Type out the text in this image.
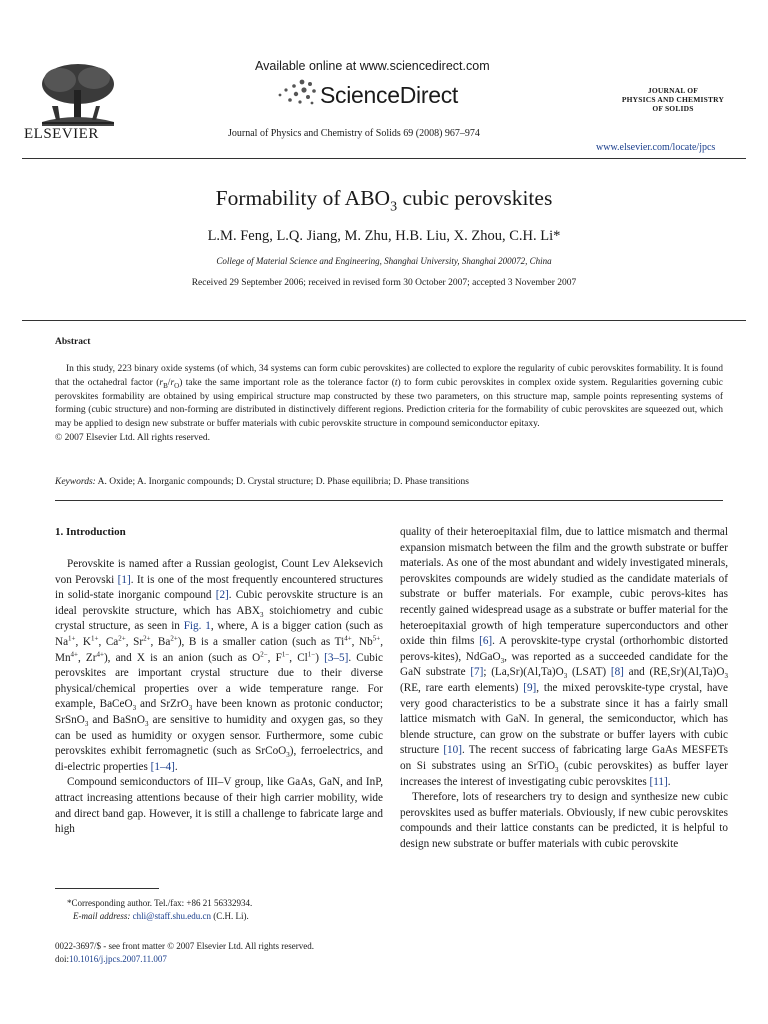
ELSEVIER
Available online at www.sciencedirect.com
ScienceDirect
Journal of Physics and Chemistry of Solids 69 (2008) 967–974
JOURNAL OF
PHYSICS AND CHEMISTRY
OF SOLIDS
www.elsevier.com/locate/jpcs
Formability of $ABO_3$ cubic perovskites
L.M. Feng, L.Q. Jiang, M. Zhu, H.B. Liu, X. Zhou, C.H. Li*
College of Material Science and Engineering, Shanghai University, Shanghai 200072, China
Received 29 September 2006; received in revised form 30 October 2007; accepted 3 November 2007
Abstract
In this study, 223 binary oxide systems (of which, 34 systems can form cubic perovskites) are collected to explore the regularity of cubic perovskites formability. It is found that the octahedral factor $(r_B/r_O)$ take the same important role as the tolerance factor (t) to form cubic perovskites in complex oxide system. Regularities governing cubic perovskites formability are obtained by using empirical structure map constructed by these two parameters, on this structure map, sample points representing systems of forming (cubic structure) and non-forming are distributed in distinctively different regions. Prediction criteria for the formability of cubic perovskites are squeezed out, which may be applied to design new substrate or buffer materials with cubic perovskite structure in compound semiconductor epitaxy.
© 2007 Elsevier Ltd. All rights reserved.
Keywords: A. Oxide; A. Inorganic compounds; D. Crystal structure; D. Phase equilibria; D. Phase transitions
1. Introduction

Perovskite is named after a Russian geologist, Count Lev Aleksevich von Perovski [1]. It is one of the most frequently encountered structures in solid-state inorganic compound [2]. Cubic perovskite structure is an ideal perovskite structure, which has $ABX_3$ stoichiometry and cubic crystal structure, as seen in Fig. 1, where, A is a bigger cation (such as $Na^{1+}$, $K^{1+}$, $Ca^{2+}$, $Sr^{2+}$, $Ba^{2+}$), B is a smaller cation (such as $Ti^{4+}$, $Nb^{5+}$, $Mn^{4+}$, $Zr^{4+}$), and X is an anion (such as $O^{2-}$, $F^{1-}$, $Cl^{1-}$) [3–5]. Cubic perovskites are important crystal structure due to their diverse physical/chemical properties over a wide temperature range. For example, BaCeO$_3$ and SrZrO$_3$ have been known as protonic conductor; SrSnO$_3$ and BaSnO$_3$ are sensitive to humidity and oxygen gas, so they can be used as humidity or oxygen sensor. Furthermore, some cubic perovskites exhibit ferromagnetic (such as SrCoO$_3$), ferroelectrics, and di-electric properties [1–4].

Compound semiconductors of III–V group, like GaAs, GaN, and InP, attract increasing attentions because of their high carrier mobility, wide and direct band gap. However, it is still a challenge to fabricate large and high

quality of their heteroepitaxial film, due to lattice mismatch and thermal expansion mismatch between the film and the growth substrate or buffer materials. As one of the most abundant and widely investigated minerals, perovskites compounds are widely studied as the candidate materials of substrate or buffer materials. For example, cubic perovs-kites has recently gained widespread usage as a substrate or buffer material for the heteroepitaxial growth of high temperature superconductors and other oxide thin films [6]. A perovskite-type crystal (orthorhombic distorted perovs-kites), NdGaO$_3$, was reported as a succeeded candidate for the GaN substrate [7]; $(La,Sr)(Al,Ta)O_3$ (LSAT) [8] and $(RE,Sr)(Al,Ta)O_3$ (RE, rare earth elements) [9], the mixed perovskite-type crystal, have very good characteristics to be a substrate since it has a fairly small lattice mismatch with GaN. In general, the semiconductor, which has blende structure, can grow on the substrate or buffer layers with cubic structure [10]. The recent success of fabricating large GaAs MESFETs on Si substrates using an SrTiO$_3$ (cubic perovskites) as buffer layer increases the interest of investigating cubic perovskites [11].

Therefore, lots of researchers try to design and synthesize new cubic perovskites used as buffer materials. Obviously, if new cubic perovskites compounds and their lattice constants can be predicted, it is helpful to design new substrate or buffer materials with cubic perovskite

*Corresponding author. Tel./fax: +86 21 56332934.
E-mail address: chli@staff.shu.edu.cn (C.H. Li).
0022-3697/$ - see front matter © 2007 Elsevier Ltd. All rights reserved.
doi:10.1016/j.jpcs.2007.11.007
